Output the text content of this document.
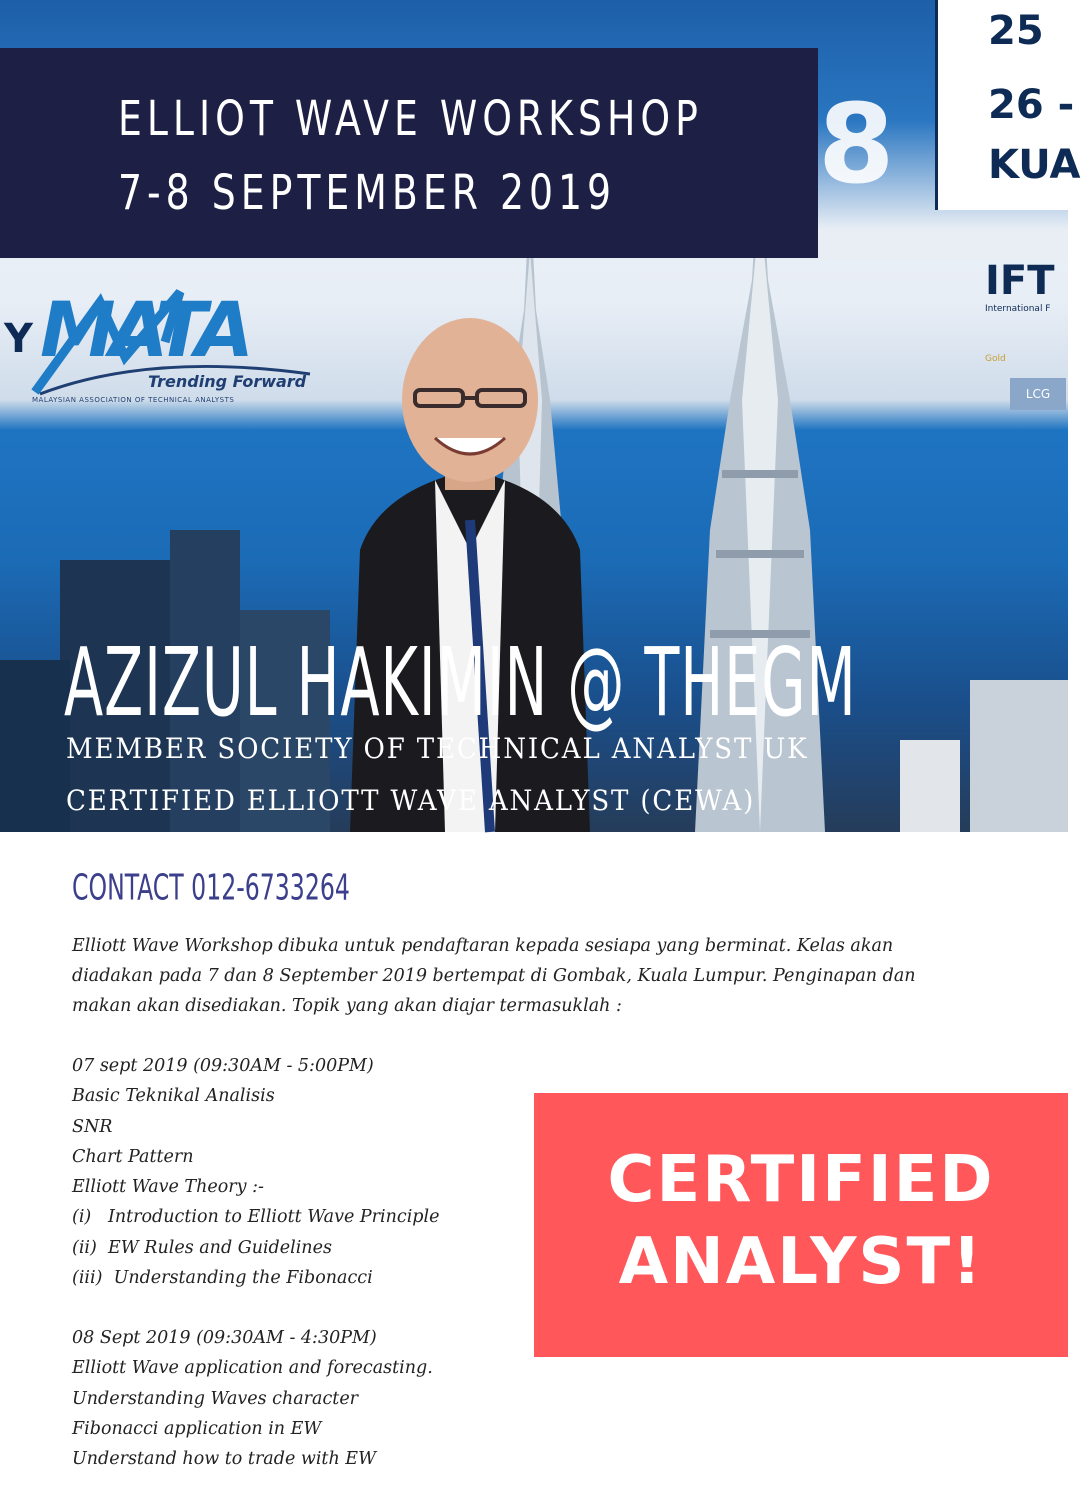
8
25
26 -
KUA
Y MATA
Trending Forward
MALAYSIAN ASSOCIATION OF TECHNICAL ANALYSTS
IFT
International F
Gold
LCG
ELLIOT WAVE WORKSHOP
7-8 SEPTEMBER 2019
AZIZUL HAKIMIN @ THEGM
MEMBER SOCIETY OF TECHNICAL ANALYST UK
CERTIFIED ELLIOTT WAVE ANALYST (CEWA)
CONTACT 012-6733264
Elliott Wave Workshop dibuka untuk pendaftaran kepada sesiapa yang berminat. Kelas akan diadakan pada 7 dan 8 September 2019 bertempat di Gombak, Kuala Lumpur. Penginapan dan makan akan disediakan. Topik yang akan diajar termasuklah :
07 sept 2019 (09:30AM - 5:00PM)
Basic Teknikal Analisis
SNR
Chart Pattern
Elliott Wave Theory :-
(i)   Introduction to Elliott Wave Principle
(ii)  EW Rules and Guidelines
(iii)  Understanding the Fibonacci
08 Sept 2019 (09:30AM - 4:30PM)
Elliott Wave application and forecasting.
Understanding Waves character
Fibonacci application in EW
Understand how to trade with EW
CERTIFIED
ANALYST!
